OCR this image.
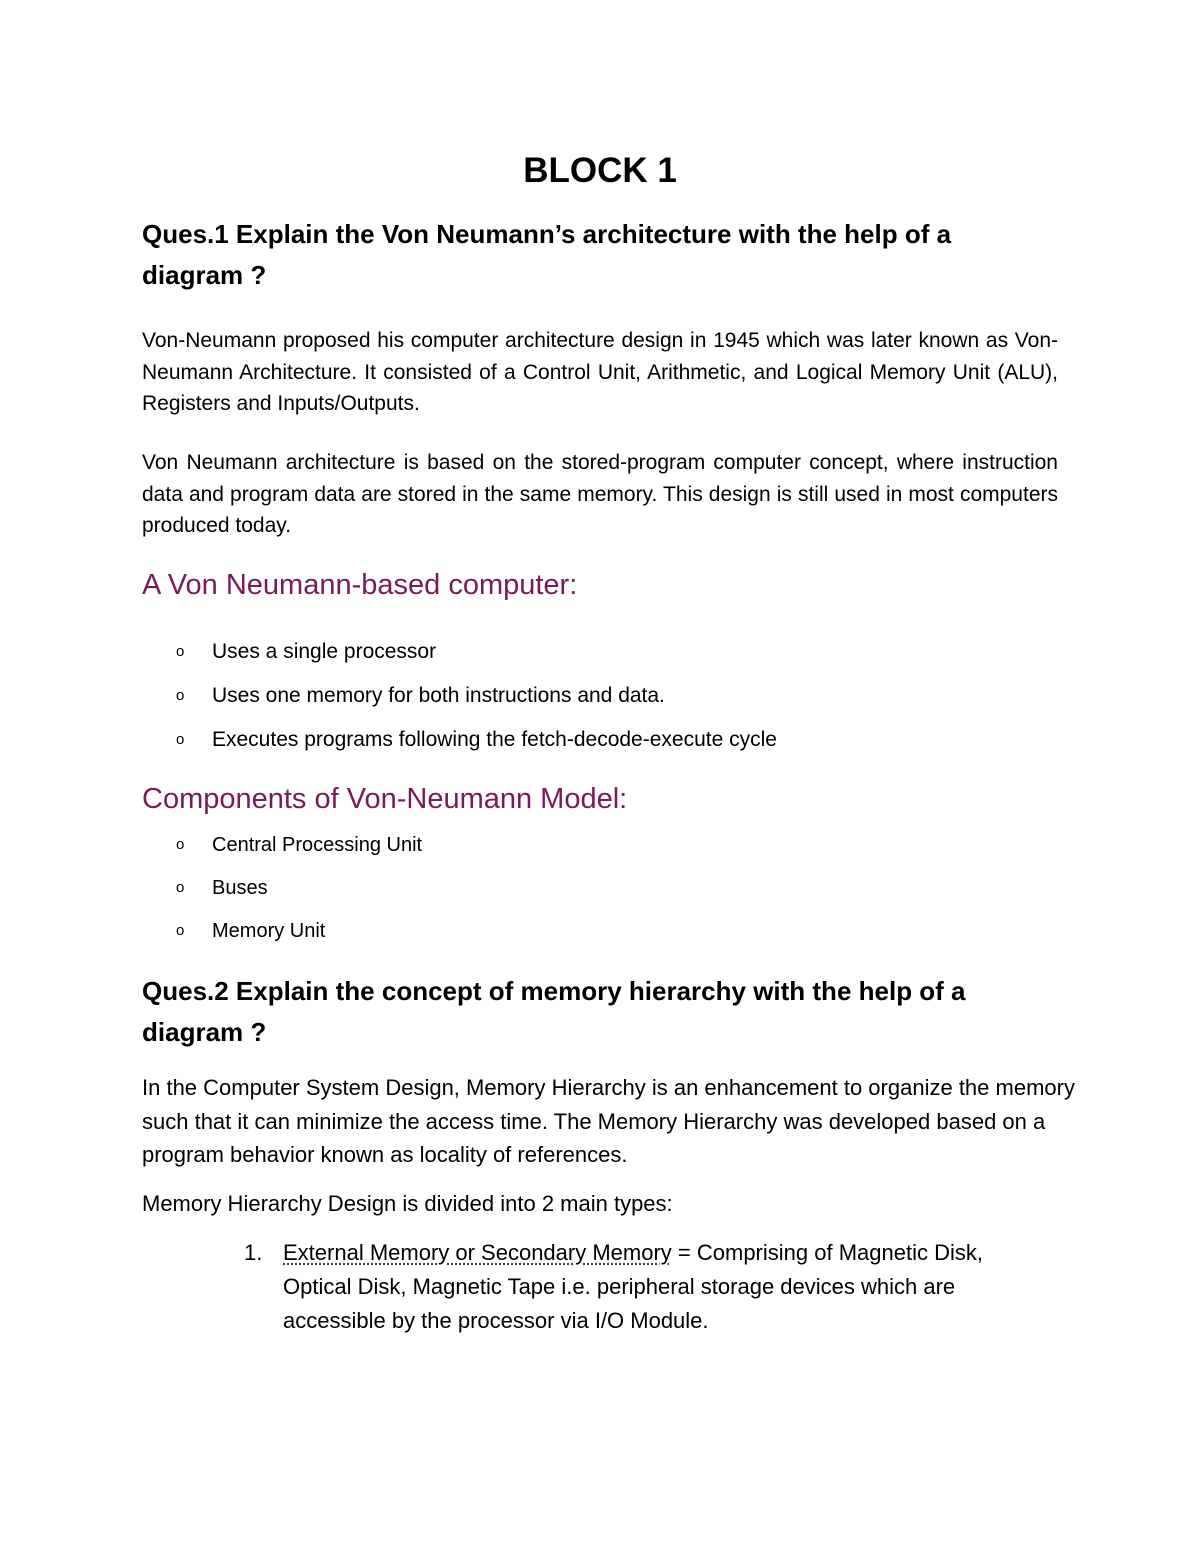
BLOCK 1
Ques.1 Explain the Von Neumann’s architecture with the help of a
diagram ?

Von-Neumann proposed his computer architecture design in 1945 which was later known as Von-Neumann Architecture. It consisted of a Control Unit, Arithmetic, and Logical Memory Unit (ALU), Registers and Inputs/Outputs.

Von Neumann architecture is based on the stored-program computer concept, where instruction data and program data are stored in the same memory. This design is still used in most computers produced today.

A Von Neumann-based computer:
o Uses a single processor
o Uses one memory for both instructions and data.
o Executes programs following the fetch-decode-execute cycle
Components of Von-Neumann Model:
o Central Processing Unit
o Buses
o Memory Unit
Ques.2 Explain the concept of memory hierarchy with the help of a
diagram ?

In the Computer System Design, Memory Hierarchy is an enhancement to organize the memory such that it can minimize the access time. The Memory Hierarchy was developed based on a program behavior known as locality of references.

Memory Hierarchy Design is divided into 2 main types:

1. External Memory or Secondary Memory = Comprising of Magnetic Disk, Optical Disk, Magnetic Tape i.e. peripheral storage devices which are accessible by the processor via I/O Module.
